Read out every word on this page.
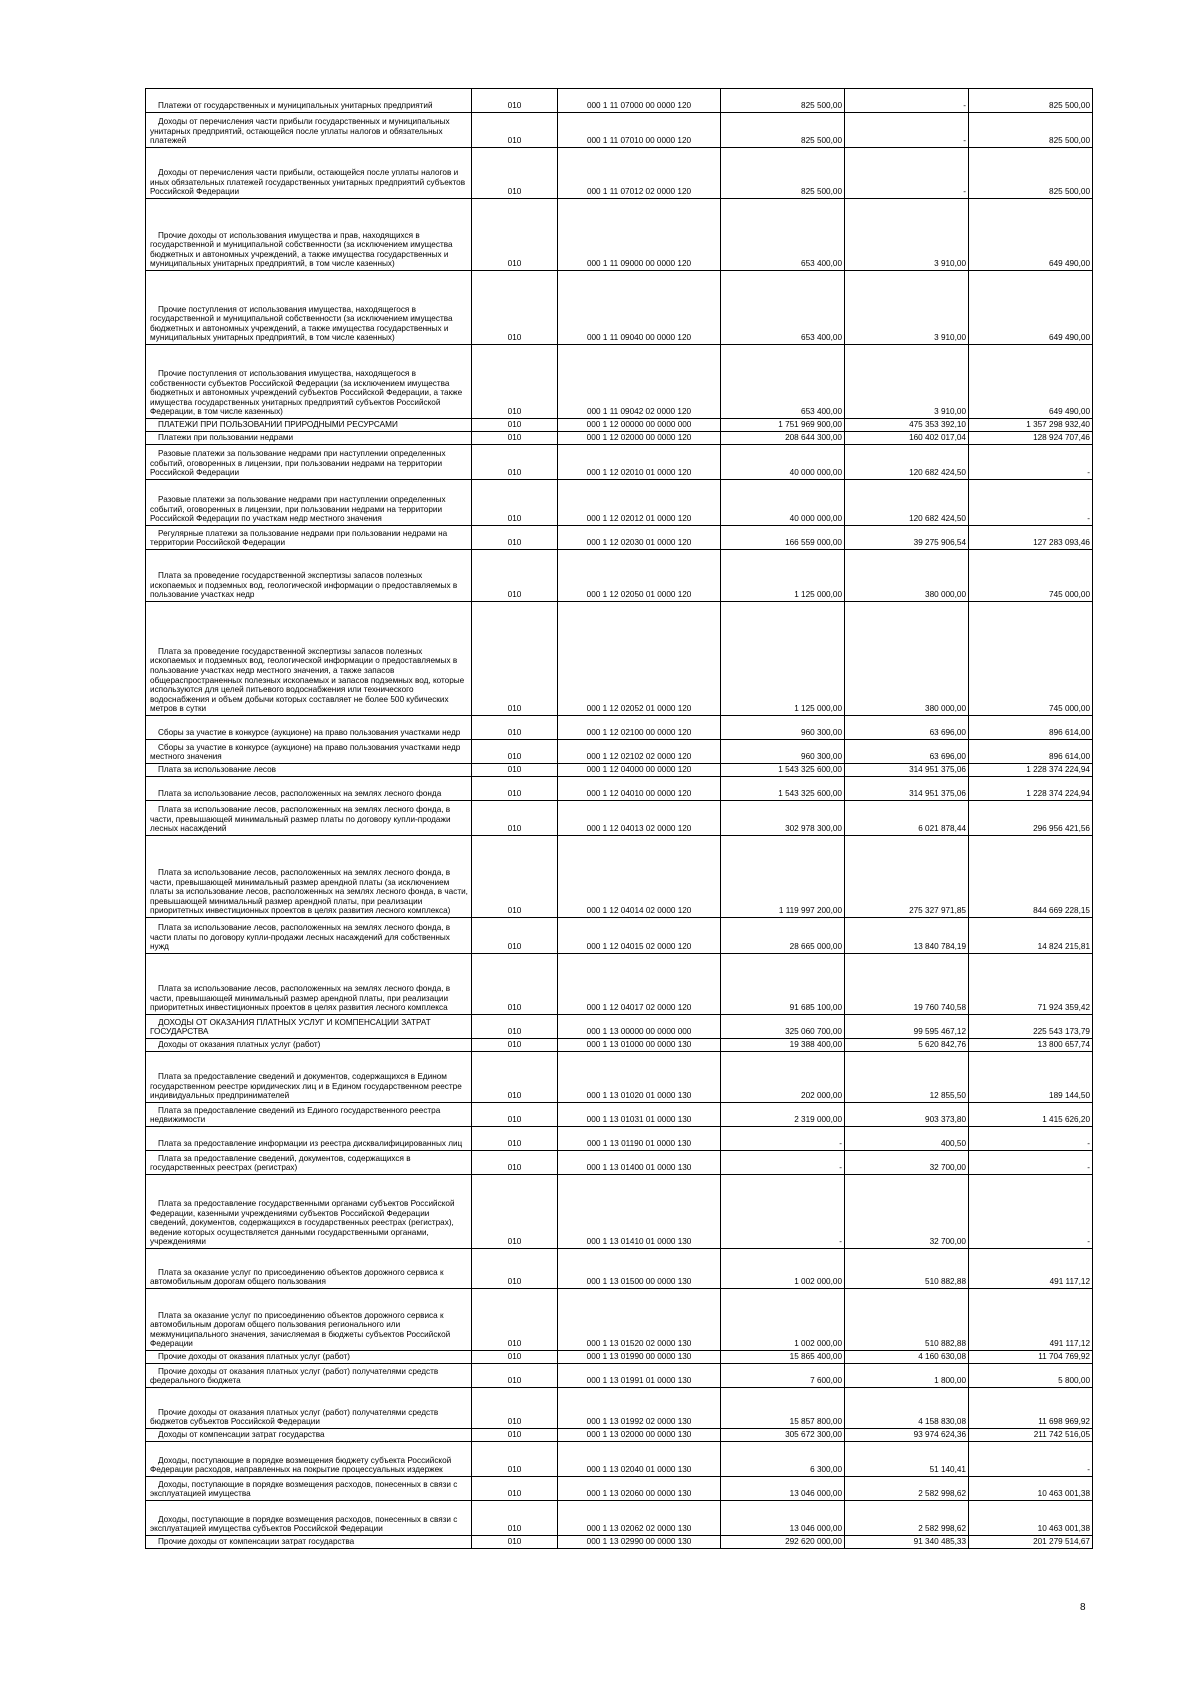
Платежи от государственных и муниципальных унитарных предприятий	010	000 1 11 07000 00 0000 120	825 500,00	-	825 500,00

Доходы от перечисления части прибыли государственных и муниципальных унитарных предприятий, остающейся после уплаты налогов и обязательных платежей	010	000 1 11 07010 00 0000 120	825 500,00	-	825 500,00

Доходы от перечисления части прибыли, остающейся после уплаты налогов и иных обязательных платежей государственных унитарных предприятий субъектов Российской Федерации	010	000 1 11 07012 02 0000 120	825 500,00	-	825 500,00

Прочие доходы от использования имущества и прав, находящихся в государственной и муниципальной собственности (за исключением имущества бюджетных и автономных учреждений, а также имущества государственных и муниципальных унитарных предприятий, в том числе казенных)	010	000 1 11 09000 00 0000 120	653 400,00	3 910,00	649 490,00

Прочие поступления от использования имущества, находящегося в государственной и муниципальной собственности (за исключением имущества бюджетных и автономных учреждений, а также имущества государственных и муниципальных унитарных предприятий, в том числе казенных)	010	000 1 11 09040 00 0000 120	653 400,00	3 910,00	649 490,00

Прочие поступления от использования имущества, находящегося в собственности субъектов Российской Федерации (за исключением имущества бюджетных и автономных учреждений субъектов Российской Федерации, а также имущества государственных унитарных предприятий субъектов Российской Федерации, в том числе казенных)	010	000 1 11 09042 02 0000 120	653 400,00	3 910,00	649 490,00

ПЛАТЕЖИ ПРИ ПОЛЬЗОВАНИИ ПРИРОДНЫМИ РЕСУРСАМИ	010	000 1 12 00000 00 0000 000	1 751 969 900,00	475 353 392,10	1 357 298 932,40

Платежи при пользовании недрами	010	000 1 12 02000 00 0000 120	208 644 300,00	160 402 017,04	128 924 707,46

Разовые платежи за пользование недрами при наступлении определенных событий, оговоренных в лицензии, при пользовании недрами на территории Российской Федерации	010	000 1 12 02010 01 0000 120	40 000 000,00	120 682 424,50	-

Разовые платежи за пользование недрами при наступлении определенных событий, оговоренных в лицензии, при пользовании недрами на территории Российской Федерации по участкам недр местного значения	010	000 1 12 02012 01 0000 120	40 000 000,00	120 682 424,50	-

Регулярные платежи за пользование недрами при пользовании недрами на территории Российской Федерации	010	000 1 12 02030 01 0000 120	166 559 000,00	39 275 906,54	127 283 093,46

Плата за проведение государственной экспертизы запасов полезных ископаемых и подземных вод, геологической информации о предоставляемых в пользование участках недр	010	000 1 12 02050 01 0000 120	1 125 000,00	380 000,00	745 000,00

Плата за проведение государственной экспертизы запасов полезных ископаемых и подземных вод, геологической информации о предоставляемых в пользование участках недр местного значения, а также запасов общераспространенных полезных ископаемых и запасов подземных вод, которые используются для целей питьевого водоснабжения или технического водоснабжения и объем добычи которых составляет не более 500 кубических метров в сутки	010	000 1 12 02052 01 0000 120	1 125 000,00	380 000,00	745 000,00

Сборы за участие в конкурсе (аукционе) на право пользования участками недр	010	000 1 12 02100 00 0000 120	960 300,00	63 696,00	896 614,00

Сборы за участие в конкурсе (аукционе) на право пользования участками недр местного значения	010	000 1 12 02102 02 0000 120	960 300,00	63 696,00	896 614,00

Плата за использование лесов	010	000 1 12 04000 00 0000 120	1 543 325 600,00	314 951 375,06	1 228 374 224,94

Плата за использование лесов, расположенных на землях лесного фонда	010	000 1 12 04010 00 0000 120	1 543 325 600,00	314 951 375,06	1 228 374 224,94

Плата за использование лесов, расположенных на землях лесного фонда, в части, превышающей минимальный размер платы по договору купли-продажи лесных насаждений	010	000 1 12 04013 02 0000 120	302 978 300,00	6 021 878,44	296 956 421,56

Плата за использование лесов, расположенных на землях лесного фонда, в части, превышающей минимальный размер арендной платы (за исключением платы за использование лесов, расположенных на землях лесного фонда, в части, превышающей минимальный размер арендной платы, при реализации приоритетных инвестиционных проектов в целях развития лесного комплекса)	010	000 1 12 04014 02 0000 120	1 119 997 200,00	275 327 971,85	844 669 228,15

Плата за использование лесов, расположенных на землях лесного фонда, в части платы по договору купли-продажи лесных насаждений для собственных нужд	010	000 1 12 04015 02 0000 120	28 665 000,00	13 840 784,19	14 824 215,81

Плата за использование лесов, расположенных на землях лесного фонда, в части, превышающей минимальный размер арендной платы, при реализации приоритетных инвестиционных проектов в целях развития лесного комплекса	010	000 1 12 04017 02 0000 120	91 685 100,00	19 760 740,58	71 924 359,42

ДОХОДЫ ОТ ОКАЗАНИЯ ПЛАТНЫХ УСЛУГ И КОМПЕНСАЦИИ ЗАТРАТ ГОСУДАРСТВА	010	000 1 13 00000 00 0000 000	325 060 700,00	99 595 467,12	225 543 173,79

Доходы от оказания платных услуг (работ)	010	000 1 13 01000 00 0000 130	19 388 400,00	5 620 842,76	13 800 657,74

Плата за предоставление сведений и документов, содержащихся в Едином государственном реестре юридических лиц и в Едином государственном реестре индивидуальных предпринимателей	010	000 1 13 01020 01 0000 130	202 000,00	12 855,50	189 144,50

Плата за предоставление сведений из Единого государственного реестра недвижимости	010	000 1 13 01031 01 0000 130	2 319 000,00	903 373,80	1 415 626,20

Плата за предоставление информации из реестра дисквалифицированных лиц	010	000 1 13 01190 01 0000 130	-	400,50	-

Плата за предоставление сведений, документов, содержащихся в государственных реестрах (регистрах)	010	000 1 13 01400 01 0000 130	-	32 700,00	-

Плата за предоставление государственными органами субъектов Российской Федерации, казенными учреждениями субъектов Российской Федерации сведений, документов, содержащихся в государственных реестрах (регистрах), ведение которых осуществляется данными государственными органами, учреждениями	010	000 1 13 01410 01 0000 130	-	32 700,00	-

Плата за оказание услуг по присоединению объектов дорожного сервиса к автомобильным дорогам общего пользования	010	000 1 13 01500 00 0000 130	1 002 000,00	510 882,88	491 117,12

Плата за оказание услуг по присоединению объектов дорожного сервиса к автомобильным дорогам общего пользования регионального или межмуниципального значения, зачисляемая в бюджеты субъектов Российской Федерации	010	000 1 13 01520 02 0000 130	1 002 000,00	510 882,88	491 117,12

Прочие доходы от оказания платных услуг (работ)	010	000 1 13 01990 00 0000 130	15 865 400,00	4 160 630,08	11 704 769,92

Прочие доходы от оказания платных услуг (работ) получателями средств федерального бюджета	010	000 1 13 01991 01 0000 130	7 600,00	1 800,00	5 800,00

Прочие доходы от оказания платных услуг (работ) получателями средств бюджетов субъектов Российской Федерации	010	000 1 13 01992 02 0000 130	15 857 800,00	4 158 830,08	11 698 969,92

Доходы от компенсации затрат государства	010	000 1 13 02000 00 0000 130	305 672 300,00	93 974 624,36	211 742 516,05

Доходы, поступающие в порядке возмещения бюджету субъекта Российской Федерации расходов, направленных на покрытие процессуальных издержек	010	000 1 13 02040 01 0000 130	6 300,00	51 140,41	-

Доходы, поступающие в порядке возмещения расходов, понесенных в связи с эксплуатацией имущества	010	000 1 13 02060 00 0000 130	13 046 000,00	2 582 998,62	10 463 001,38

Доходы, поступающие в порядке возмещения расходов, понесенных в связи с эксплуатацией имущества субъектов Российской Федерации	010	000 1 13 02062 02 0000 130	13 046 000,00	2 582 998,62	10 463 001,38

Прочие доходы от компенсации затрат государства	010	000 1 13 02990 00 0000 130	292 620 000,00	91 340 485,33	201 279 514,67
8
